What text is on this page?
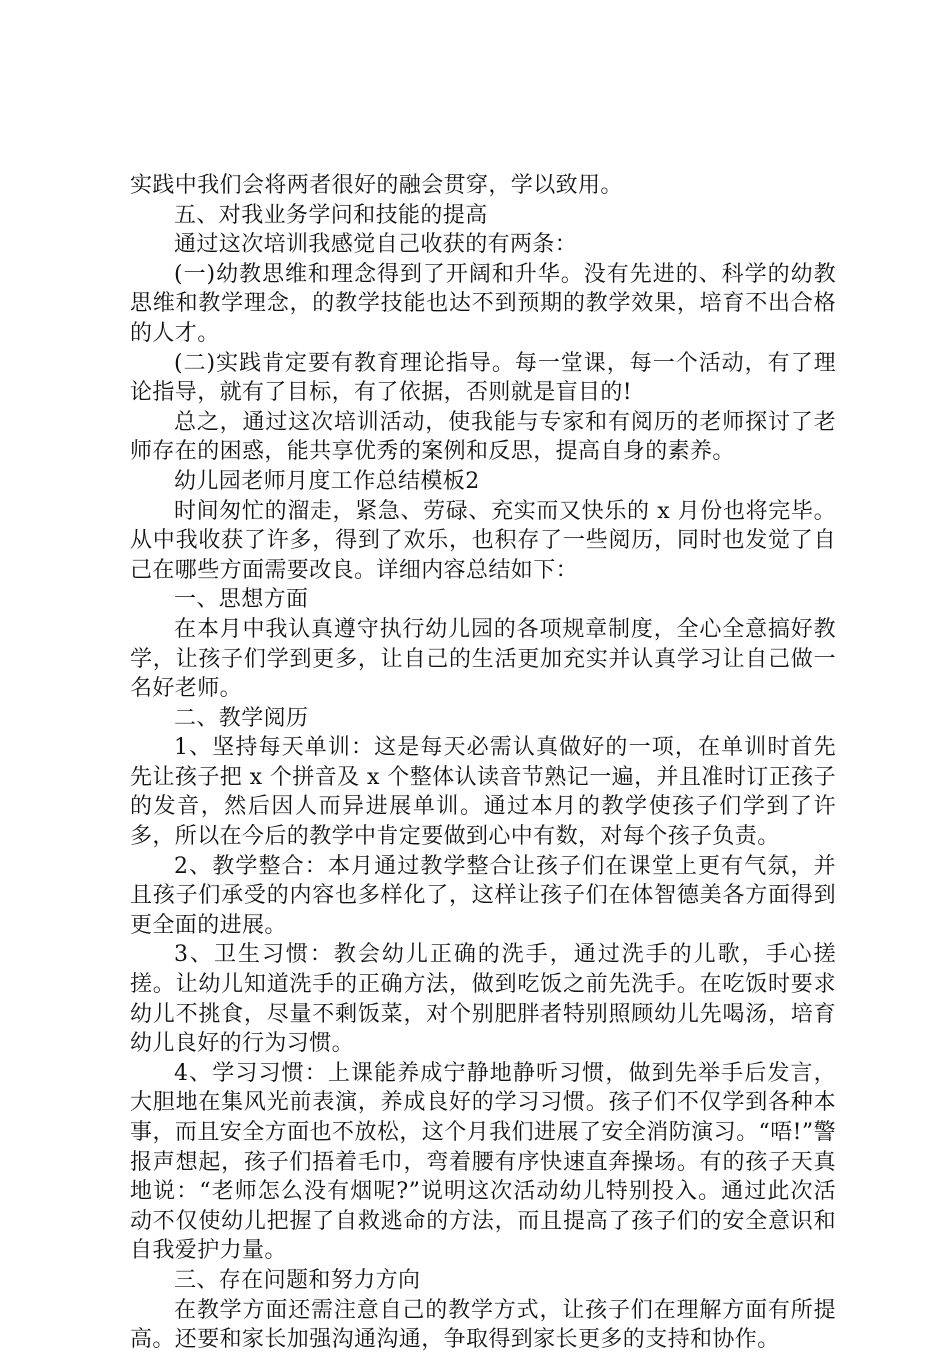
实践中我们会将两者很好的融会贯穿，学以致用。

五、对我业务学问和技能的提高

通过这次培训我感觉自己收获的有两条：

(一)幼教思维和理念得到了开阔和升华。没有先进的、科学的幼教思维和教学理念，的教学技能也达不到预期的教学效果，培育不出合格的人才。

(二)实践肯定要有教育理论指导。每一堂课，每一个活动，有了理论指导，就有了目标，有了依据，否则就是盲目的!

总之，通过这次培训活动，使我能与专家和有阅历的老师探讨了老师存在的困惑，能共享优秀的案例和反思，提高自身的素养。

幼儿园老师月度工作总结模板2

时间匆忙的溜走，紧急、劳碌、充实而又快乐的 x 月份也将完毕。从中我收获了许多，得到了欢乐，也积存了一些阅历，同时也发觉了自己在哪些方面需要改良。详细内容总结如下：

一、思想方面

在本月中我认真遵守执行幼儿园的各项规章制度，全心全意搞好教学，让孩子们学到更多，让自己的生活更加充实并认真学习让自己做一名好老师。

二、教学阅历

1、坚持每天单训：这是每天必需认真做好的一项，在单训时首先先让孩子把 x 个拼音及 x 个整体认读音节熟记一遍，并且准时订正孩子的发音，然后因人而异进展单训。通过本月的教学使孩子们学到了许多，所以在今后的教学中肯定要做到心中有数，对每个孩子负责。

2、教学整合：本月通过教学整合让孩子们在课堂上更有气氛，并且孩子们承受的内容也多样化了，这样让孩子们在体智德美各方面得到更全面的进展。

3、卫生习惯：教会幼儿正确的洗手，通过洗手的儿歌，手心搓搓。让幼儿知道洗手的正确方法，做到吃饭之前先洗手。在吃饭时要求幼儿不挑食，尽量不剩饭菜，对个别肥胖者特别照顾幼儿先喝汤，培育幼儿良好的行为习惯。

4、学习习惯：上课能养成宁静地静听习惯，做到先举手后发言，大胆地在集风光前表演，养成良好的学习习惯。孩子们不仅学到各种本事，而且安全方面也不放松，这个月我们进展了安全消防演习。“唔!”警报声想起，孩子们捂着毛巾，弯着腰有序快速直奔操场。有的孩子天真地说：“老师怎么没有烟呢?”说明这次活动幼儿特别投入。通过此次活动不仅使幼儿把握了自救逃命的方法，而且提高了孩子们的安全意识和自我爱护力量。

三、存在问题和努力方向

在教学方面还需注意自己的教学方式，让孩子们在理解方面有所提高。还要和家长加强沟通沟通，争取得到家长更多的支持和协作。
